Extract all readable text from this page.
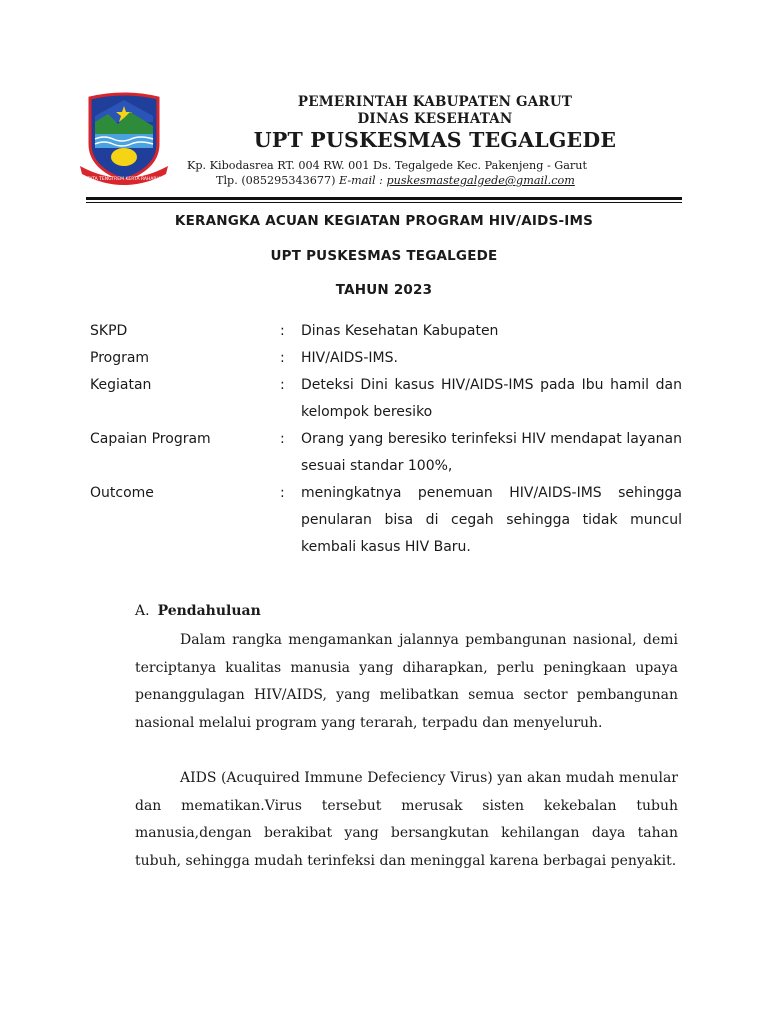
TATA TENGTREM KERTA RAHARJA
PEMERINTAH KABUPATEN GARUT
DINAS KESEHATAN
UPT PUSKESMAS TEGALGEDE
Kp. Kibodasrea RT. 004 RW. 001 Ds. Tegalgede Kec. Pakenjeng - Garut
Tlp. (085295343677) E-mail : puskesmastegalgede@gmail.com
KERANGKA ACUAN KEGIATAN PROGRAM HIV/AIDS-IMS
UPT PUSKESMAS TEGALGEDE
TAHUN 2023
SKPD	: Dinas Kesehatan Kabupaten
Program	: HIV/AIDS-IMS.
Kegiatan	: Deteksi Dini kasus HIV/AIDS-IMS pada Ibu hamil dan kelompok beresiko
Capaian Program	: Orang yang beresiko terinfeksi HIV mendapat layanan sesuai standar 100%,
Outcome	: meningkatnya penemuan HIV/AIDS-IMS sehingga penularan bisa di cegah sehingga tidak muncul kembali kasus HIV Baru.
A. Pendahuluan
Dalam rangka mengamankan jalannya pembangunan nasional, demi terciptanya kualitas manusia yang diharapkan, perlu peningkaan upaya penanggulagan HIV/AIDS, yang melibatkan semua sector pembangunan nasional melalui program yang terarah, terpadu dan menyeluruh.
AIDS (Acuquired Immune Defeciency Virus) yan akan mudah menular dan mematikan.Virus tersebut merusak sisten kekebalan tubuh manusia,dengan berakibat yang bersangkutan kehilangan daya tahan tubuh, sehingga mudah terinfeksi dan meninggal karena berbagai penyakit.
